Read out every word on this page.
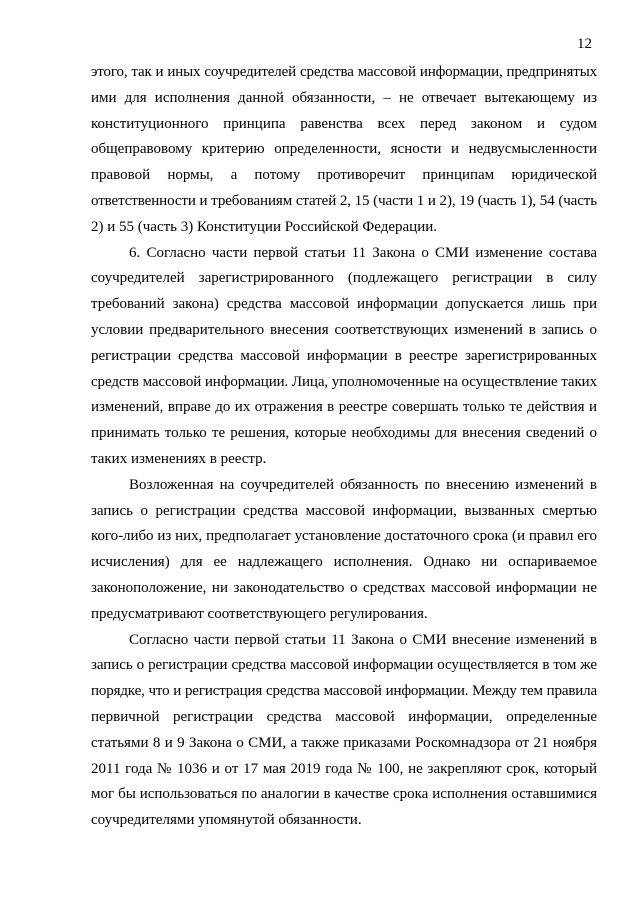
12

этого, так и иных соучредителей средства массовой информации, предпринятых
ими для исполнения данной обязанности, – не отвечает вытекающему из
конституционного принципа равенства всех перед законом и судом
общеправовому критерию определенности, ясности и недвусмысленности
правовой нормы, а потому противоречит принципам юридической
ответственности и требованиям статей 2, 15 (части 1 и 2), 19 (часть 1), 54 (часть
2) и 55 (часть 3) Конституции Российской Федерации.

6. Согласно части первой статьи 11 Закона о СМИ изменение состава
соучредителей зарегистрированного (подлежащего регистрации в силу
требований закона) средства массовой информации допускается лишь при
условии предварительного внесения соответствующих изменений в запись о
регистрации средства массовой информации в реестре зарегистрированных
средств массовой информации. Лица, уполномоченные на осуществление таких
изменений, вправе до их отражения в реестре совершать только те действия и
принимать только те решения, которые необходимы для внесения сведений о
таких изменениях в реестр.

Возложенная на соучредителей обязанность по внесению изменений в
запись о регистрации средства массовой информации, вызванных смертью
кого-либо из них, предполагает установление достаточного срока (и правил его
исчисления) для ее надлежащего исполнения. Однако ни оспариваемое
законоположение, ни законодательство о средствах массовой информации не
предусматривают соответствующего регулирования.

Согласно части первой статьи 11 Закона о СМИ внесение изменений в
запись о регистрации средства массовой информации осуществляется в том же
порядке, что и регистрация средства массовой информации. Между тем правила
первичной регистрации средства массовой информации, определенные
статьями 8 и 9 Закона о СМИ, а также приказами Роскомнадзора от 21 ноября
2011 года № 1036 и от 17 мая 2019 года № 100, не закрепляют срок, который
мог бы использоваться по аналогии в качестве срока исполнения оставшимися
соучредителями упомянутой обязанности.
